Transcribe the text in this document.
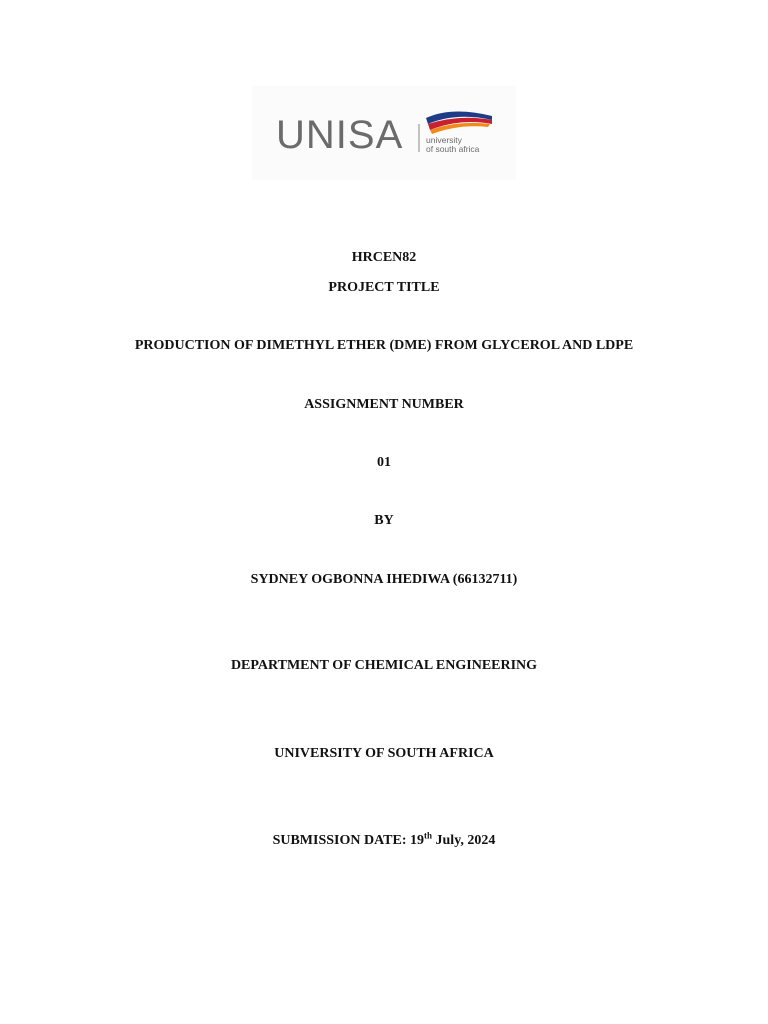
UNISA	university
of south africa
HRCEN82
PROJECT TITLE
PRODUCTION OF DIMETHYL ETHER (DME) FROM GLYCEROL AND LDPE
ASSIGNMENT NUMBER
01
BY
SYDNEY OGBONNA IHEDIWA (66132711)
DEPARTMENT OF CHEMICAL ENGINEERING
UNIVERSITY OF SOUTH AFRICA
SUBMISSION DATE: 19th July, 2024
